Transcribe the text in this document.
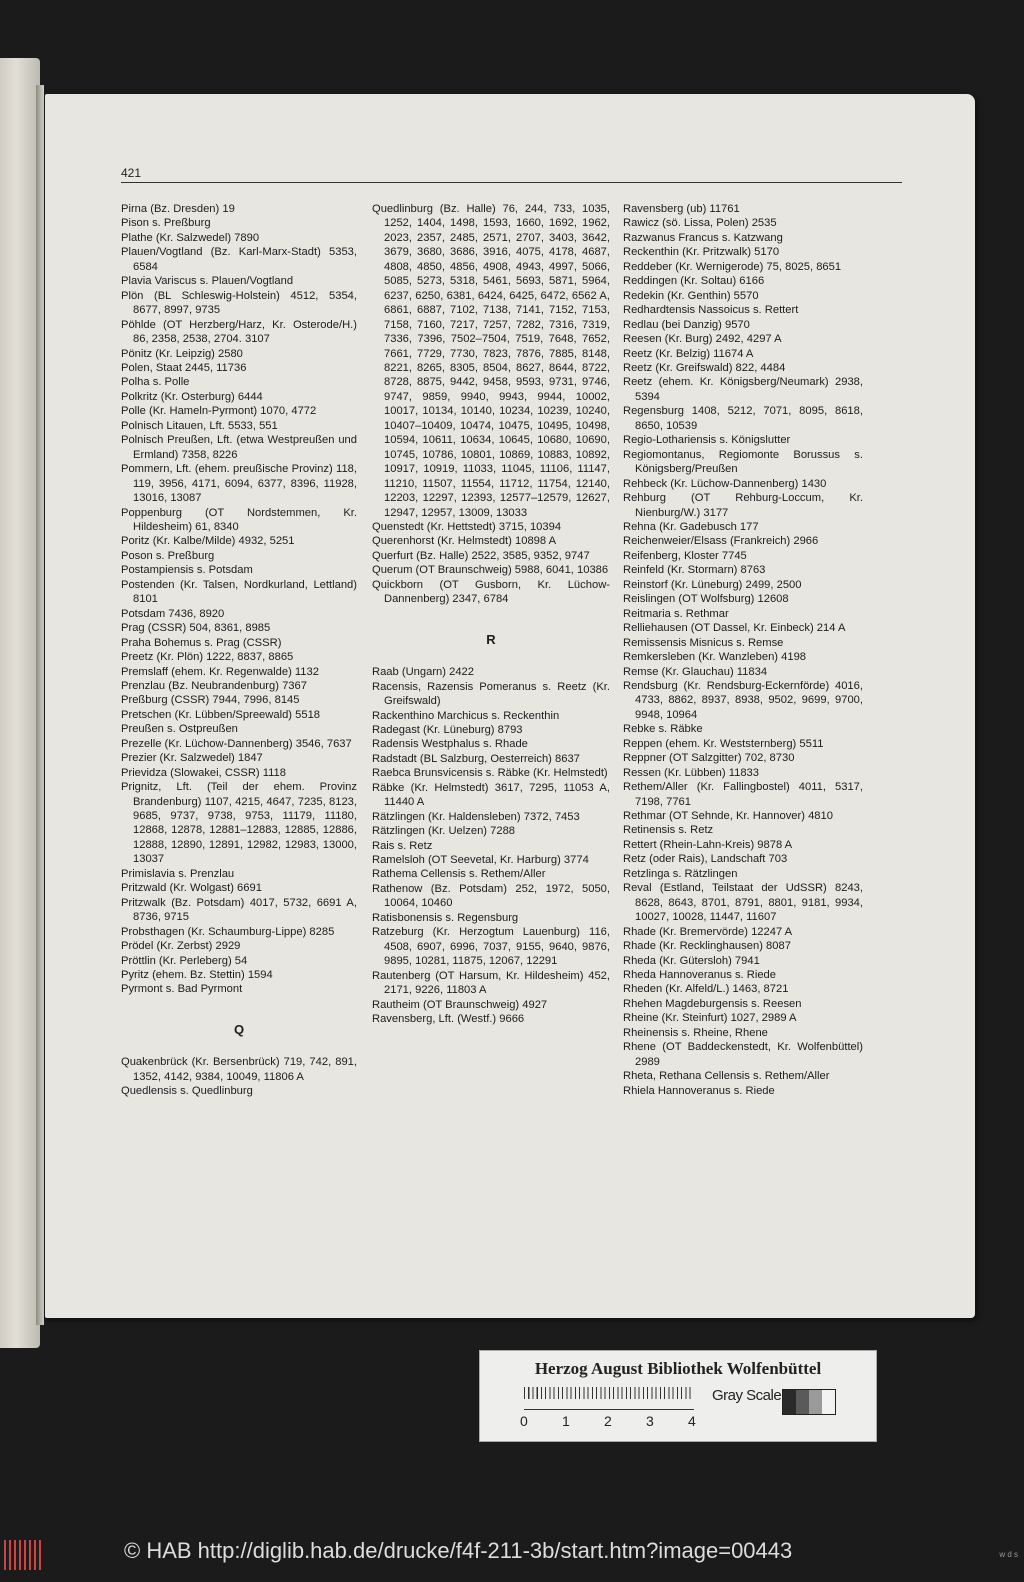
421
Pirna (Bz. Dresden) 19
Pison s. Preßburg
Plathe (Kr. Salzwedel) 7890
Plauen/Vogtland (Bz. Karl-Marx-Stadt) 5353, 6584
Plavia Variscus s. Plauen/Vogtland
Plön (BL Schleswig-Holstein) 4512, 5354, 8677, 8997, 9735
Pöhlde (OT Herzberg/Harz, Kr. Osterode/H.) 86, 2358, 2538, 2704. 3107
Pönitz (Kr. Leipzig) 2580
Polen, Staat 2445, 11736
Polha s. Polle
Polkritz (Kr. Osterburg) 6444
Polle (Kr. Hameln-Pyrmont) 1070, 4772
Polnisch Litauen, Lft. 5533, 551
Polnisch Preußen, Lft. (etwa Westpreußen und Ermland) 7358, 8226
Pommern, Lft. (ehem. preußische Provinz) 118, 119, 3956, 4171, 6094, 6377, 8396, 11928, 13016, 13087
Poppenburg (OT Nordstemmen, Kr. Hildesheim) 61, 8340
Poritz (Kr. Kalbe/Milde) 4932, 5251
Poson s. Preßburg
Postampiensis s. Potsdam
Postenden (Kr. Talsen, Nordkurland, Lettland) 8101
Potsdam 7436, 8920
Prag (CSSR) 504, 8361, 8985
Praha Bohemus s. Prag (CSSR)
Preetz (Kr. Plön) 1222, 8837, 8865
Premslaff (ehem. Kr. Regenwalde) 1132
Prenzlau (Bz. Neubrandenburg) 7367
Preßburg (CSSR) 7944, 7996, 8145
Pretschen (Kr. Lübben/Spreewald) 5518
Preußen s. Ostpreußen
Prezelle (Kr. Lüchow-Dannenberg) 3546, 7637
Prezier (Kr. Salzwedel) 1847
Prievidza (Slowakei, CSSR) 1118
Prignitz, Lft. (Teil der ehem. Provinz Brandenburg) 1107, 4215, 4647, 7235, 8123, 9685, 9737, 9738, 9753, 11179, 11180, 12868, 12878, 12881–12883, 12885, 12886, 12888, 12890, 12891, 12982, 12983, 13000, 13037
Primislavia s. Prenzlau
Pritzwald (Kr. Wolgast) 6691
Pritzwalk (Bz. Potsdam) 4017, 5732, 6691 A, 8736, 9715
Probsthagen (Kr. Schaumburg-Lippe) 8285
Prödel (Kr. Zerbst) 2929
Pröttlin (Kr. Perleberg) 54
Pyritz (ehem. Bz. Stettin) 1594
Pyrmont s. Bad Pyrmont
Q
Quakenbrück (Kr. Bersenbrück) 719, 742, 891, 1352, 4142, 9384, 10049, 11806 A
Quedlensis s. Quedlinburg
Quedlinburg (Bz. Halle) 76, 244, 733, 1035, 1252, 1404, 1498, 1593, 1660, 1692, 1962, 2023, 2357, 2485, 2571, 2707, 3403, 3642, 3679, 3680, 3686, 3916, 4075, 4178, 4687, 4808, 4850, 4856, 4908, 4943, 4997, 5066, 5085, 5273, 5318, 5461, 5693, 5871, 5964, 6237, 6250, 6381, 6424, 6425, 6472, 6562 A, 6861, 6887, 7102, 7138, 7141, 7152, 7153, 7158, 7160, 7217, 7257, 7282, 7316, 7319, 7336, 7396, 7502–7504, 7519, 7648, 7652, 7661, 7729, 7730, 7823, 7876, 7885, 8148, 8221, 8265, 8305, 8504, 8627, 8644, 8722, 8728, 8875, 9442, 9458, 9593, 9731, 9746, 9747, 9859, 9940, 9943, 9944, 10002, 10017, 10134, 10140, 10234, 10239, 10240, 10407–10409, 10474, 10475, 10495, 10498, 10594, 10611, 10634, 10645, 10680, 10690, 10745, 10786, 10801, 10869, 10883, 10892, 10917, 10919, 11033, 11045, 11106, 11147, 11210, 11507, 11554, 11712, 11754, 12140, 12203, 12297, 12393, 12577–12579, 12627, 12947, 12957, 13009, 13033
Quenstedt (Kr. Hettstedt) 3715, 10394
Querenhorst (Kr. Helmstedt) 10898 A
Querfurt (Bz. Halle) 2522, 3585, 9352, 9747
Querum (OT Braunschweig) 5988, 6041, 10386
Quickborn (OT Gusborn, Kr. Lüchow-Dannenberg) 2347, 6784
R
Raab (Ungarn) 2422
Racensis, Razensis Pomeranus s. Reetz (Kr. Greifswald)
Rackenthino Marchicus s. Reckenthin
Radegast (Kr. Lüneburg) 8793
Radensis Westphalus s. Rhade
Radstadt (BL Salzburg, Oesterreich) 8637
Raebca Brunsvicensis s. Räbke (Kr. Helmstedt)
Räbke (Kr. Helmstedt) 3617, 7295, 11053 A, 11440 A
Rätzlingen (Kr. Haldensleben) 7372, 7453
Rätzlingen (Kr. Uelzen) 7288
Rais s. Retz
Ramelsloh (OT Seevetal, Kr. Harburg) 3774
Rathema Cellensis s. Rethem/Aller
Rathenow (Bz. Potsdam) 252, 1972, 5050, 10064, 10460
Ratisbonensis s. Regensburg
Ratzeburg (Kr. Herzogtum Lauenburg) 116, 4508, 6907, 6996, 7037, 9155, 9640, 9876, 9895, 10281, 11875, 12067, 12291
Rautenberg (OT Harsum, Kr. Hildesheim) 452, 2171, 9226, 11803 A
Rautheim (OT Braunschweig) 4927
Ravensberg, Lft. (Westf.) 9666
Ravensberg (ub) 11761
Rawicz (sö. Lissa, Polen) 2535
Razwanus Francus s. Katzwang
Reckenthin (Kr. Pritzwalk) 5170
Reddeber (Kr. Wernigerode) 75, 8025, 8651
Reddingen (Kr. Soltau) 6166
Redekin (Kr. Genthin) 5570
Redhardtensis Nassoicus s. Rettert
Redlau (bei Danzig) 9570
Reesen (Kr. Burg) 2492, 4297 A
Reetz (Kr. Belzig) 11674 A
Reetz (Kr. Greifswald) 822, 4484
Reetz (ehem. Kr. Königsberg/Neumark) 2938, 5394
Regensburg 1408, 5212, 7071, 8095, 8618, 8650, 10539
Regio-Lothariensis s. Königslutter
Regiomontanus, Regiomonte Borussus s. Königsberg/Preußen
Rehbeck (Kr. Lüchow-Dannenberg) 1430
Rehburg (OT Rehburg-Loccum, Kr. Nienburg/W.) 3177
Rehna (Kr. Gadebusch 177
Reichenweier/Elsass (Frankreich) 2966
Reifenberg, Kloster 7745
Reinfeld (Kr. Stormarn) 8763
Reinstorf (Kr. Lüneburg) 2499, 2500
Reislingen (OT Wolfsburg) 12608
Reitmaria s. Rethmar
Relliehausen (OT Dassel, Kr. Einbeck) 214 A
Remissensis Misnicus s. Remse
Remkersleben (Kr. Wanzleben) 4198
Remse (Kr. Glauchau) 11834
Rendsburg (Kr. Rendsburg-Eckernförde) 4016, 4733, 8862, 8937, 8938, 9502, 9699, 9700, 9948, 10964
Rebke s. Räbke
Reppen (ehem. Kr. Weststernberg) 5511
Reppner (OT Salzgitter) 702, 8730
Ressen (Kr. Lübben) 11833
Rethem/Aller (Kr. Fallingbostel) 4011, 5317, 7198, 7761
Rethmar (OT Sehnde, Kr. Hannover) 4810
Retinensis s. Retz
Rettert (Rhein-Lahn-Kreis) 9878 A
Retz (oder Rais), Landschaft 703
Retzlinga s. Rätzlingen
Reval (Estland, Teilstaat der UdSSR) 8243, 8628, 8643, 8701, 8791, 8801, 9181, 9934, 10027, 10028, 11447, 11607
Rhade (Kr. Bremervörde) 12247 A
Rhade (Kr. Recklinghausen) 8087
Rheda (Kr. Gütersloh) 7941
Rheda Hannoveranus s. Riede
Rheden (Kr. Alfeld/L.) 1463, 8721
Rhehen Magdeburgensis s. Reesen
Rheine (Kr. Steinfurt) 1027, 2989 A
Rheinensis s. Rheine, Rhene
Rhene (OT Baddeckenstedt, Kr. Wolfenbüttel) 2989
Rheta, Rethana Cellensis s. Rethem/Aller
Rhiela Hannoveranus s. Riede
Herzog August Bibliothek Wolfenbüttel
0 1 2 3 4
Gray Scale
© HAB http://diglib.hab.de/drucke/f4f-211-3b/start.htm?image=00443	w d s
